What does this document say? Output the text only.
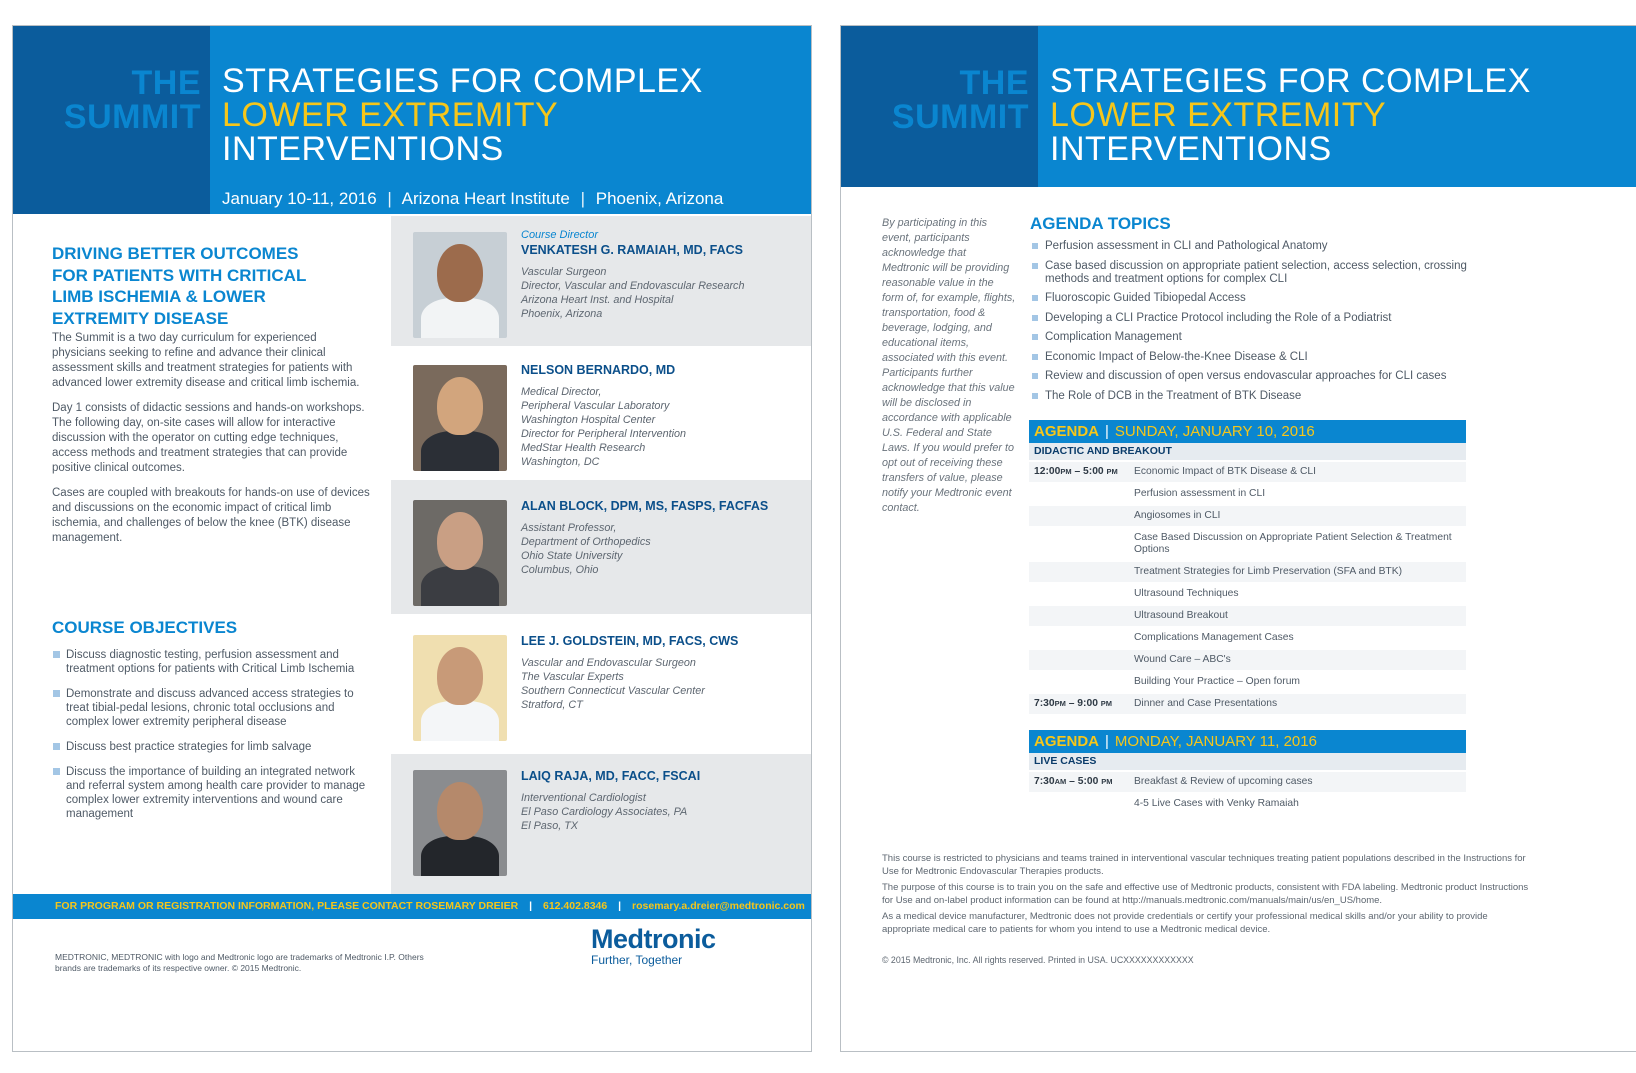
THE
SUMMIT
STRATEGIES FOR COMPLEX
LOWER EXTREMITY
INTERVENTIONS
January 10-11, 2016 | Arizona Heart Institute | Phoenix, Arizona
DRIVING BETTER OUTCOMES
FOR PATIENTS WITH CRITICAL
LIMB ISCHEMIA & LOWER
EXTREMITY DISEASE

The Summit is a two day curriculum for experienced physicians seeking to refine and advance their clinical assessment skills and treatment strategies for patients with advanced lower extremity disease and critical limb ischemia.

Day 1 consists of didactic sessions and hands-on workshops. The following day, on-site cases will allow for interactive discussion with the operator on cutting edge techniques, access methods and treatment strategies that can provide positive clinical outcomes.

Cases are coupled with breakouts for hands-on use of devices and discussions on the economic impact of critical limb ischemia, and challenges of below the knee (BTK) disease management.

COURSE OBJECTIVES
Discuss diagnostic testing, perfusion assessment and treatment options for patients with Critical Limb Ischemia
Demonstrate and discuss advanced access strategies to treat tibial-pedal lesions, chronic total occlusions and complex lower extremity peripheral disease
Discuss best practice strategies for limb salvage
Discuss the importance of building an integrated network and referral system among health care provider to manage complex lower extremity interventions and wound care management
Course Director
VENKATESH G. RAMAIAH, MD, FACS
Vascular Surgeon
Director, Vascular and Endovascular Research
Arizona Heart Inst. and Hospital
Phoenix, Arizona
NELSON BERNARDO, MD
Medical Director,
Peripheral Vascular Laboratory
Washington Hospital Center
Director for Peripheral Intervention
MedStar Health Research
Washington, DC
ALAN BLOCK, DPM, MS, FASPS, FACFAS
Assistant Professor,
Department of Orthopedics
Ohio State University
Columbus, Ohio
LEE J. GOLDSTEIN, MD, FACS, CWS
Vascular and Endovascular Surgeon
The Vascular Experts
Southern Connecticut Vascular Center
Stratford, CT
LAIQ RAJA, MD, FACC, FSCAI
Interventional Cardiologist
El Paso Cardiology Associates, PA
El Paso, TX
FOR PROGRAM OR REGISTRATION INFORMATION, PLEASE CONTACT ROSEMARY DREIER | 612.402.8346 | rosemary.a.dreier@medtronic.com

MEDTRONIC, MEDTRONIC with logo and Medtronic logo are trademarks of Medtronic I.P. Others brands are trademarks of its respective owner. © 2015 Medtronic.

Medtronic
Further, Together
THE
SUMMIT
STRATEGIES FOR COMPLEX
LOWER EXTREMITY
INTERVENTIONS

By participating in this event, participants acknowledge that Medtronic will be providing reasonable value in the form of, for example, flights, transportation, food & beverage, lodging, and educational items, associated with this event. Participants further acknowledge that this value will be disclosed in accordance with applicable U.S. Federal and State Laws. If you would prefer to opt out of receiving these transfers of value, please notify your Medtronic event contact.

AGENDA TOPICS
Perfusion assessment in CLI and Pathological Anatomy
Case based discussion on appropriate patient selection, access selection, crossing methods and treatment options for complex CLI
Fluoroscopic Guided Tibiopedal Access
Developing a CLI Practice Protocol including the Role of a Podiatrist
Complication Management
Economic Impact of Below-the-Knee Disease & CLI
Review and discussion of open versus endovascular approaches for CLI cases
The Role of DCB in the Treatment of BTK Disease
AGENDA | SUNDAY, JANUARY 10, 2016
DIDACTIC AND BREAKOUT
12:00PM – 5:00 PM	Economic Impact of BTK Disease & CLI
Perfusion assessment in CLI
Angiosomes in CLI
Case Based Discussion on Appropriate Patient Selection & Treatment Options
Treatment Strategies for Limb Preservation (SFA and BTK)
Ultrasound Techniques
Ultrasound Breakout
Complications Management Cases
Wound Care – ABC's
Building Your Practice – Open forum
7:30PM – 9:00 PM	Dinner and Case Presentations
AGENDA | MONDAY, JANUARY 11, 2016
LIVE CASES
7:30AM – 5:00 PM	Breakfast & Review of upcoming cases
4-5 Live Cases with Venky Ramaiah

This course is restricted to physicians and teams trained in interventional vascular techniques treating patient populations described in the Instructions for Use for Medtronic Endovascular Therapies products.

The purpose of this course is to train you on the safe and effective use of Medtronic products, consistent with FDA labeling. Medtronic product Instructions for Use and on-label product information can be found at http://manuals.medtronic.com/manuals/main/us/en_US/home.

As a medical device manufacturer, Medtronic does not provide credentials or certify your professional medical skills and/or your ability to provide appropriate medical care to patients for whom you intend to use a Medtronic medical device.

© 2015 Medtronic, Inc. All rights reserved. Printed in USA. UCXXXXXXXXXXXX
